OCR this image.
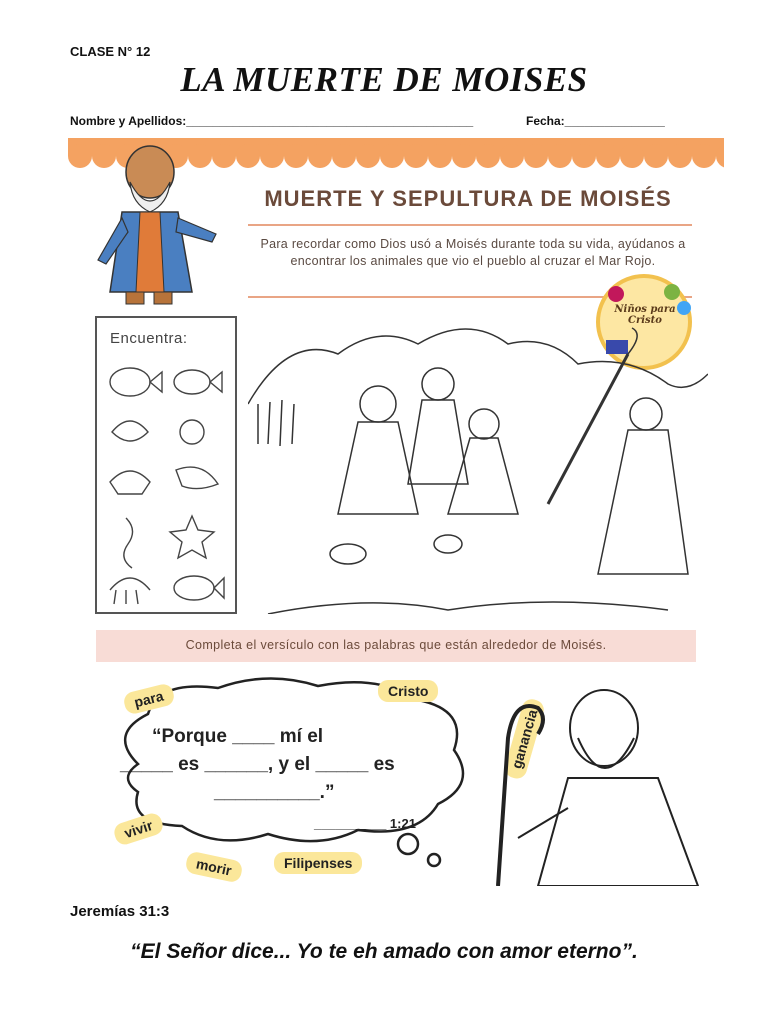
CLASE N° 12
LA MUERTE DE MOISES
Nombre y Apellidos:___________________________________________	Fecha:_______________
MUERTE Y SEPULTURA DE MOISÉS
Para recordar como Dios usó a Moisés durante toda su vida, ayúdanos a encontrar los animales que vio el pueblo al cruzar el Mar Rojo.
Niños para Cristo
Encuentra:
Completa el versículo con las palabras que están alrededor de Moisés.
“Porque ____ mí el
_____ es ______, y el _____ es
__________.”
__________ 1:21
para	Cristo
ganancia
vivir
morir	Filipenses
Jeremías 31:3
“El Señor dice... Yo te eh amado con amor eterno”.
